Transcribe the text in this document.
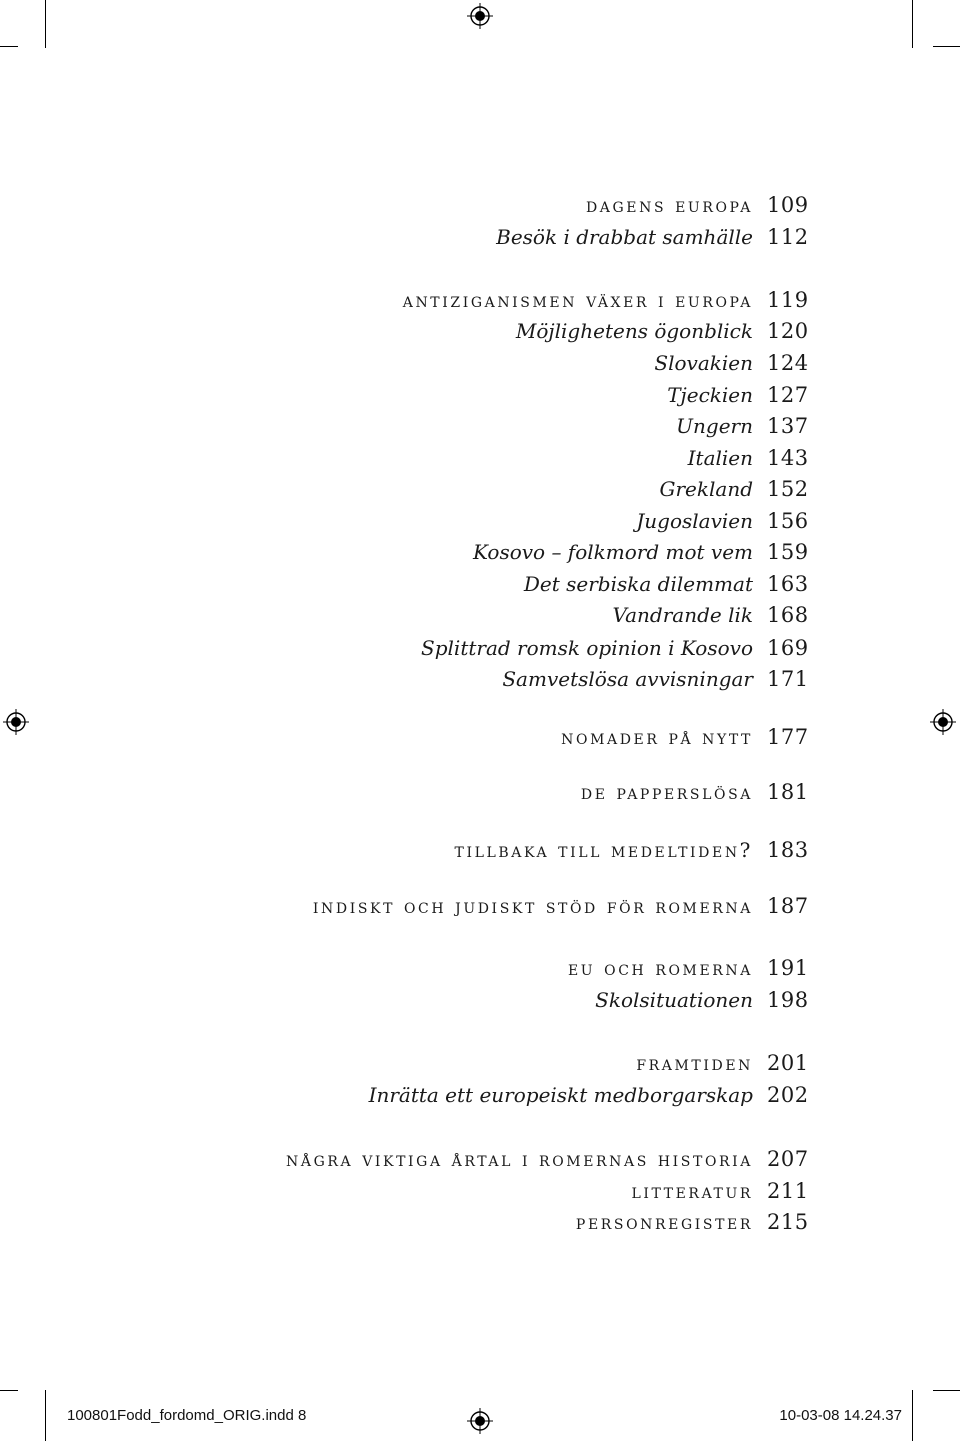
dagens europa 109
Besök i drabbat samhälle 112
antiziganismen växer i europa 119
Möjlighetens ögonblick 120
Slovakien 124
Tjeckien 127
Ungern 137
Italien 143
Grekland 152
Jugoslavien 156
Kosovo – folkmord mot vem 159
Det serbiska dilemmat 163
Vandrande lik 168
Splittrad romsk opinion i Kosovo 169
Samvetslösa avvisningar 171
nomader på nytt 177
de papperslösa 181
tillbaka till medeltiden? 183
indiskt och judiskt stöd för romerna 187
eu och romerna 191
Skolsituationen 198
framtiden 201
Inrätta ett europeiskt medborgarskap 202
några viktiga årtal i romernas historia 207
litteratur 211
personregister 215
100801Fodd_fordomd_ORIG.indd 8	10-03-08 14.24.37
